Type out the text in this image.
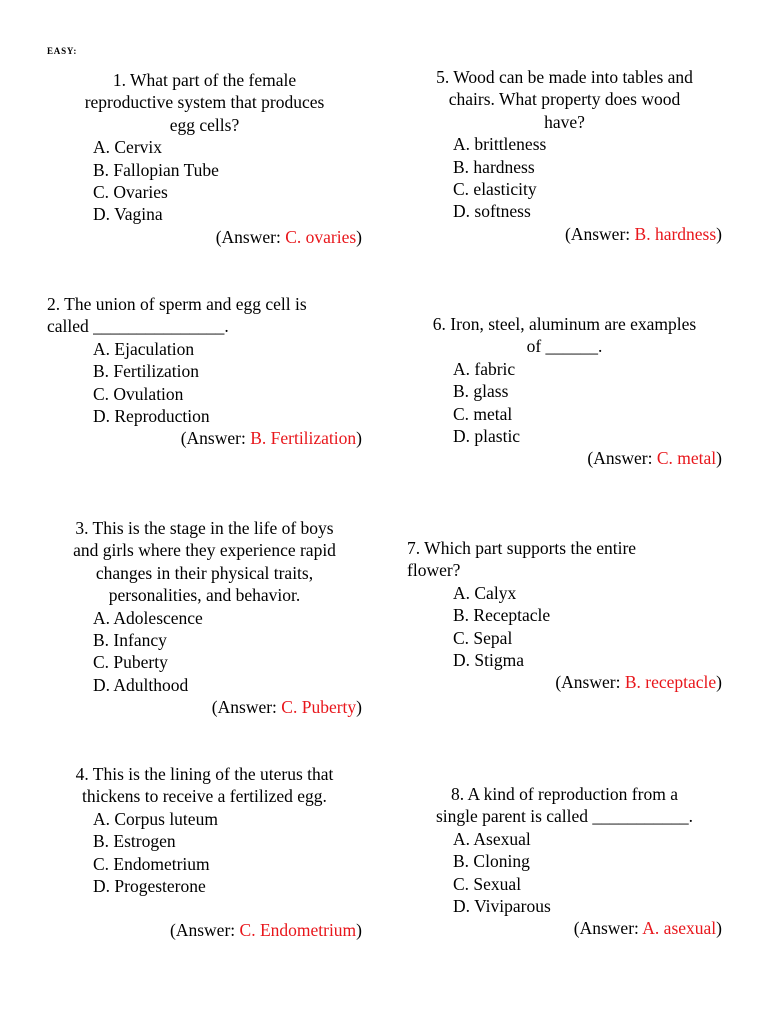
EASY:
1. What part of the female
reproductive system that produces
egg cells?
A. Cervix
B. Fallopian Tube
C. Ovaries
D. Vagina
(Answer: C. ovaries)
2. The union of sperm and egg cell is
called _______________.
A. Ejaculation
B. Fertilization
C. Ovulation
D. Reproduction
(Answer: B. Fertilization)
3. This is the stage in the life of boys
and girls where they experience rapid
changes in their physical traits,
personalities, and behavior.
A. Adolescence
B. Infancy
C. Puberty
D. Adulthood
(Answer: C. Puberty)
4. This is the lining of the uterus that
thickens to receive a fertilized egg.
A. Corpus luteum
B. Estrogen
C. Endometrium
D. Progesterone
(Answer: C. Endometrium)
5. Wood can be made into tables and
chairs. What property does wood
have?
A. brittleness
B. hardness
C. elasticity
D. softness
(Answer: B. hardness)
6. Iron, steel, aluminum are examples
of ______.
A. fabric
B. glass
C. metal
D. plastic
(Answer: C. metal)
7. Which part supports the entire
flower?
A. Calyx
B. Receptacle
C. Sepal
D. Stigma
(Answer: B. receptacle)
8. A kind of reproduction from a
single parent is called ___________.
A. Asexual
B. Cloning
C. Sexual
D. Viviparous
(Answer: A. asexual)
